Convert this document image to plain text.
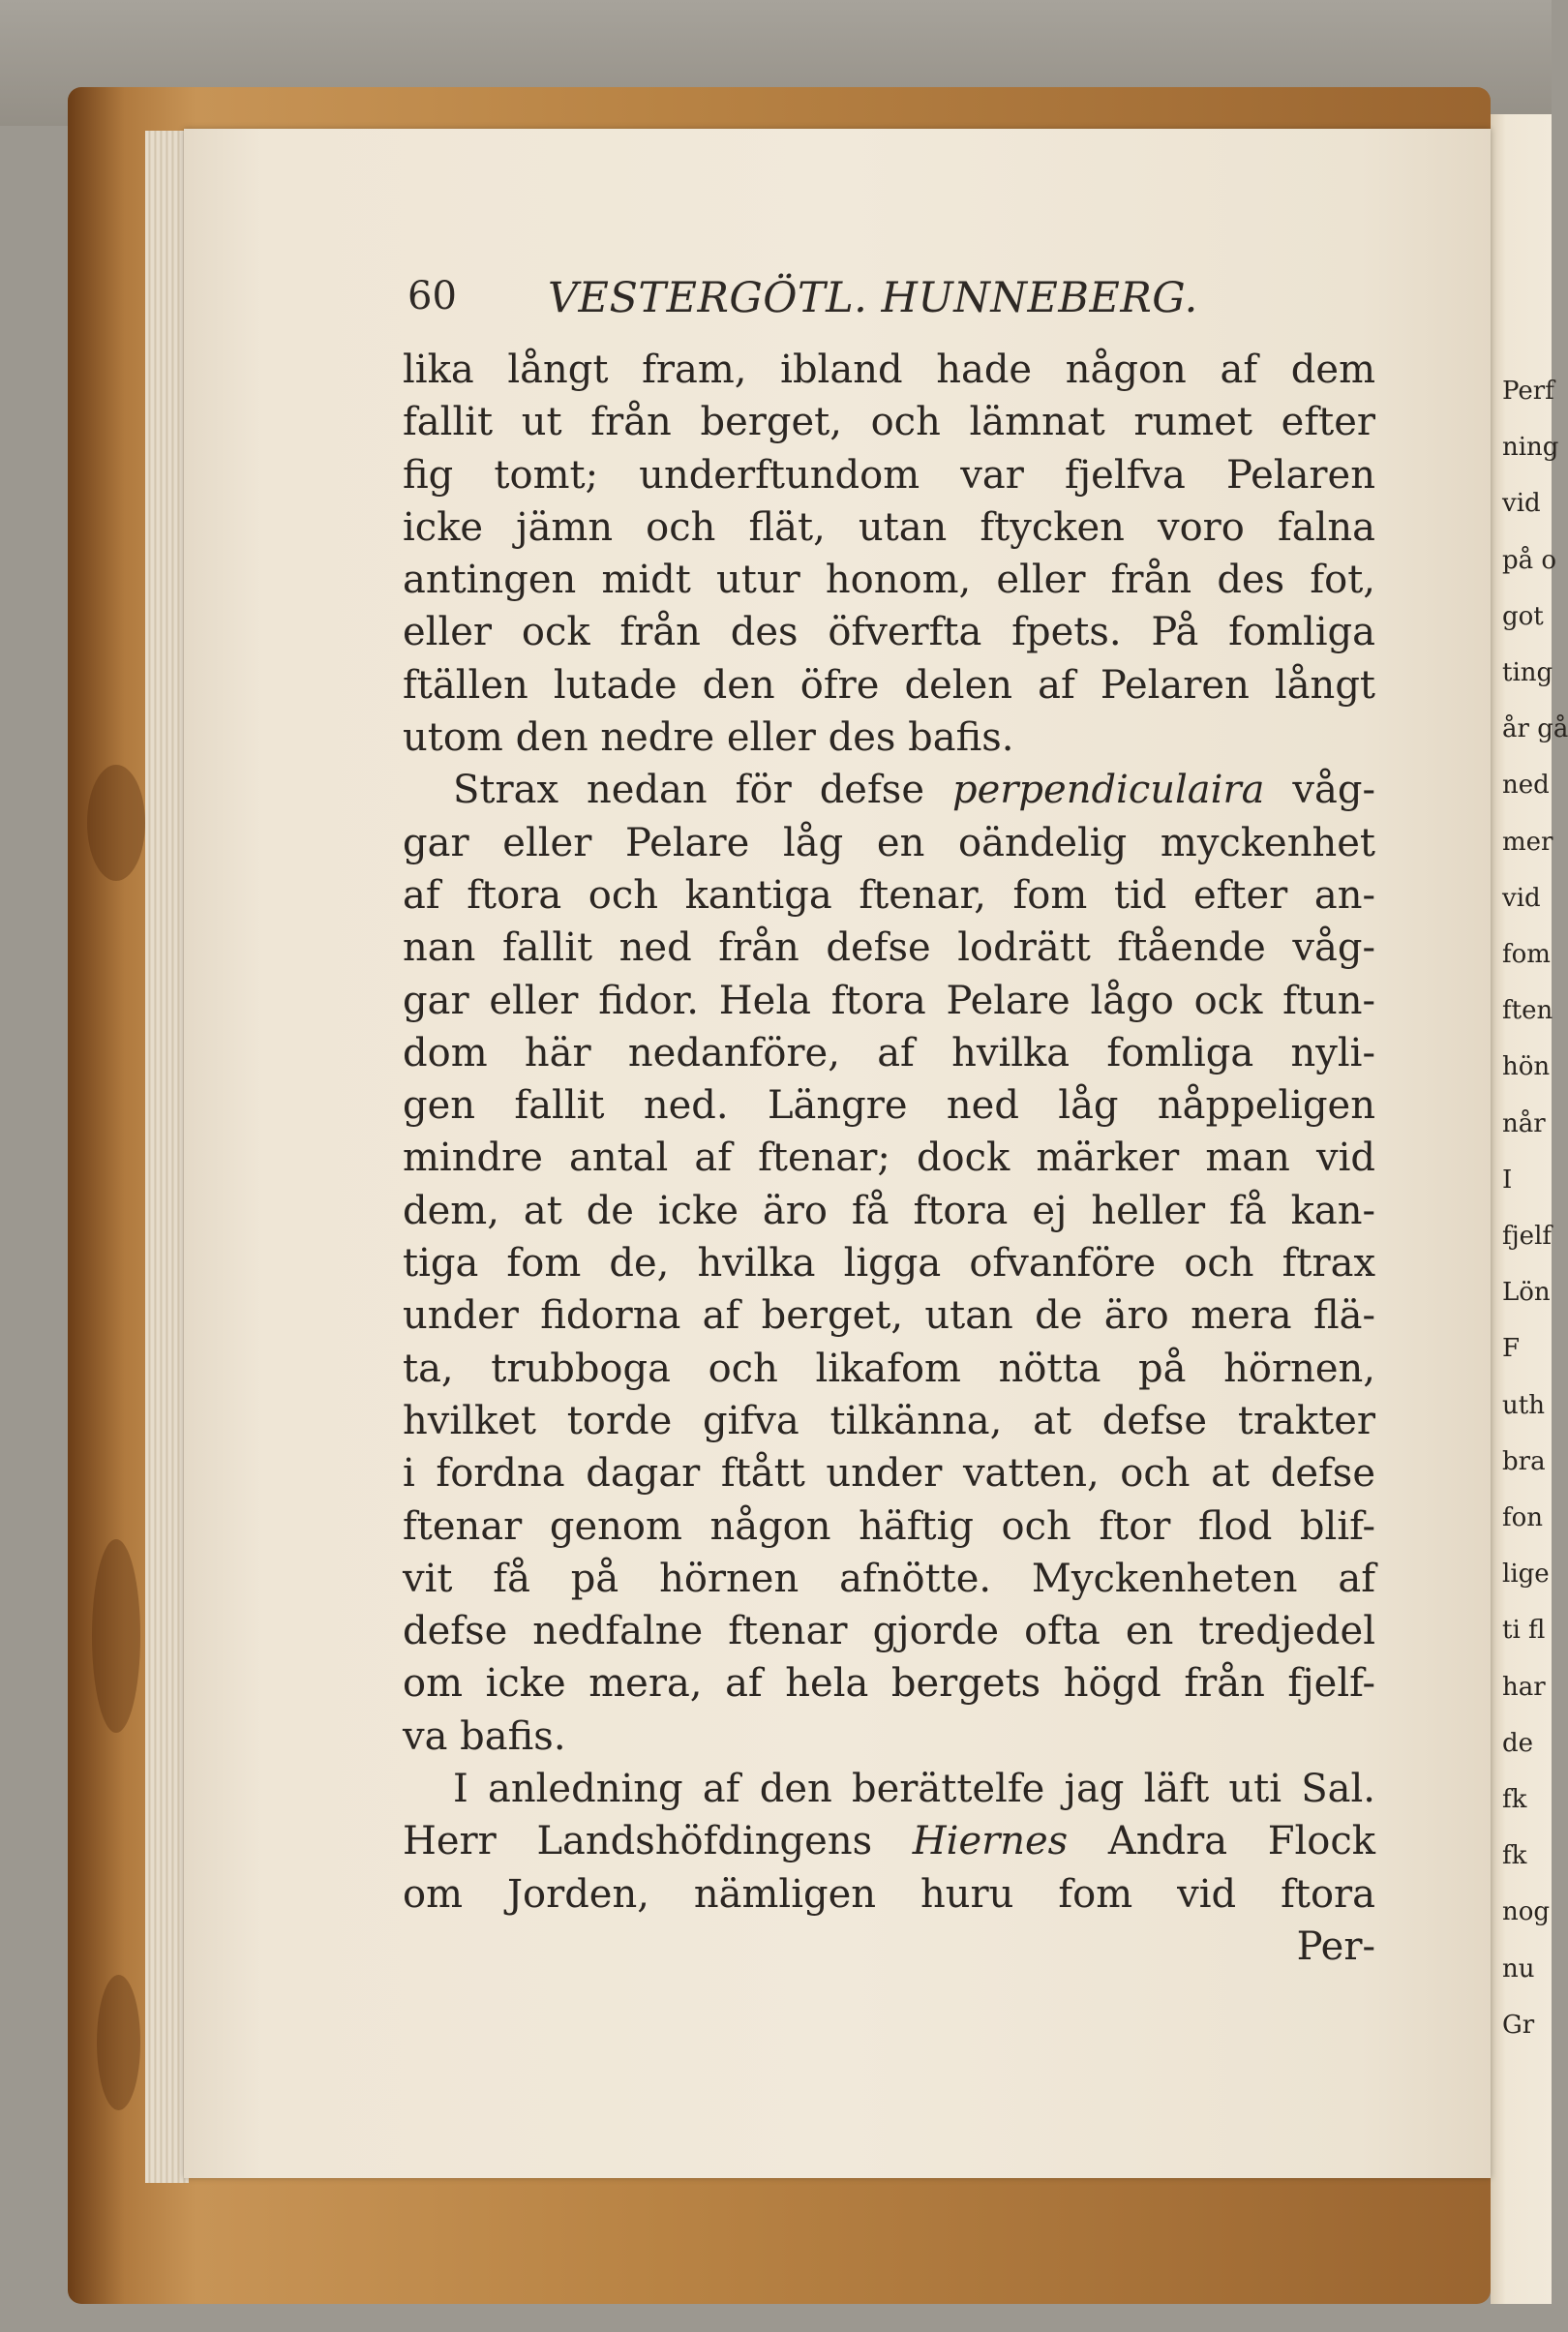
Perf
ning
vid
på o
got
ting
år gå
ned
mer
vid
fom
ften
hön
når
I
fjelf
Lön
F
uth
bra
fon
lige
ti fl
har
de
fk
fk
nog
nu
Gr
60 VESTERGÖTL. HUNNEBERG.
lika långt fram, ibland hade någon af dem
fallit ut från berget, och lämnat rumet efter
fig tomt; underftundom var fjelfva Pelaren
icke jämn och flät, utan ftycken voro falna
antingen midt utur honom, eller från des fot,
eller ock från des öfverfta fpets. På fomliga
ftällen lutade den öfre delen af Pelaren långt
utom den nedre eller des bafis.
Strax nedan för defse perpendiculaira våg-
gar eller Pelare låg en oändelig myckenhet
af ftora och kantiga ftenar, fom tid efter an-
nan fallit ned från defse lodrätt ftående våg-
gar eller fidor. Hela ftora Pelare lågo ock ftun-
dom här nedanföre, af hvilka fomliga nyli-
gen fallit ned. Längre ned låg nåppeligen
mindre antal af ftenar; dock märker man vid
dem, at de icke äro få ftora ej heller få kan-
tiga fom de, hvilka ligga ofvanföre och ftrax
under fidorna af berget, utan de äro mera flä-
ta, trubboga och likafom nötta på hörnen,
hvilket torde gifva tilkänna, at defse trakter
i fordna dagar ftått under vatten, och at defse
ftenar genom någon häftig och ftor flod blif-
vit få på hörnen afnötte. Myckenheten af
defse nedfalne ftenar gjorde ofta en tredjedel
om icke mera, af hela bergets högd från fjelf-
va bafis.
I anledning af den berättelfe jag läft uti Sal.
Herr Landshöfdingens Hiernes Andra Flock
om Jorden, nämligen huru fom vid ftora
Per-
